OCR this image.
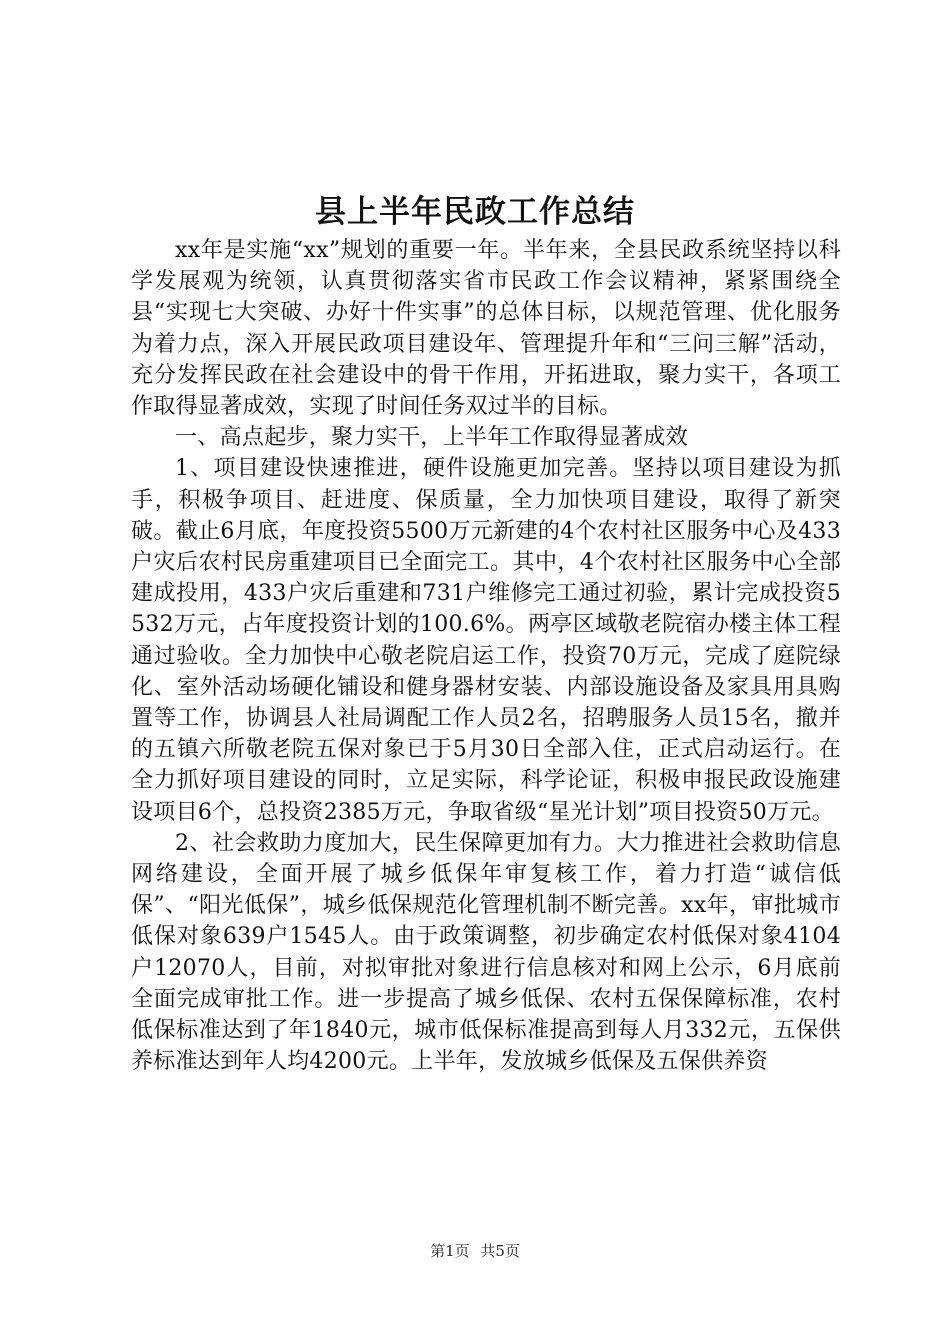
县上半年民政工作总结

xx年是实施“xx”规划的重要一年。半年来，全县民政系统坚持以科学发展观为统领，认真贯彻落实省市民政工作会议精神，紧紧围绕全县“实现七大突破、办好十件实事”的总体目标，以规范管理、优化服务为着力点，深入开展民政项目建设年、管理提升年和“三问三解”活动，充分发挥民政在社会建设中的骨干作用，开拓进取，聚力实干，各项工作取得显著成效，实现了时间任务双过半的目标。

一、高点起步，聚力实干，上半年工作取得显著成效

1、项目建设快速推进，硬件设施更加完善。坚持以项目建设为抓手，积极争项目、赶进度、保质量，全力加快项目建设，取得了新突破。截止6月底，年度投资5500万元新建的4个农村社区服务中心及433户灾后农村民房重建项目已全面完工。其中，4个农村社区服务中心全部建成投用，433户灾后重建和731户维修完工通过初验，累计完成投资5532万元，占年度投资计划的100.6%。两亭区域敬老院宿办楼主体工程通过验收。全力加快中心敬老院启运工作，投资70万元，完成了庭院绿化、室外活动场硬化铺设和健身器材安装、内部设施设备及家具用具购置等工作，协调县人社局调配工作人员2名，招聘服务人员15名，撤并的五镇六所敬老院五保对象已于5月30日全部入住，正式启动运行。在全力抓好项目建设的同时，立足实际，科学论证，积极申报民政设施建设项目6个，总投资2385万元，争取省级“星光计划”项目投资50万元。

2、社会救助力度加大，民生保障更加有力。大力推进社会救助信息网络建设，全面开展了城乡低保年审复核工作，着力打造“诚信低保”、“阳光低保”，城乡低保规范化管理机制不断完善。xx年，审批城市低保对象639户1545人。由于政策调整，初步确定农村低保对象4104户12070人，目前，对拟审批对象进行信息核对和网上公示，6月底前全面完成审批工作。进一步提高了城乡低保、农村五保保障标准，农村低保标准达到了年1840元，城市低保标准提高到每人月332元，五保供养标准达到年人均4200元。上半年，发放城乡低保及五保供养资

第1页 共5页
